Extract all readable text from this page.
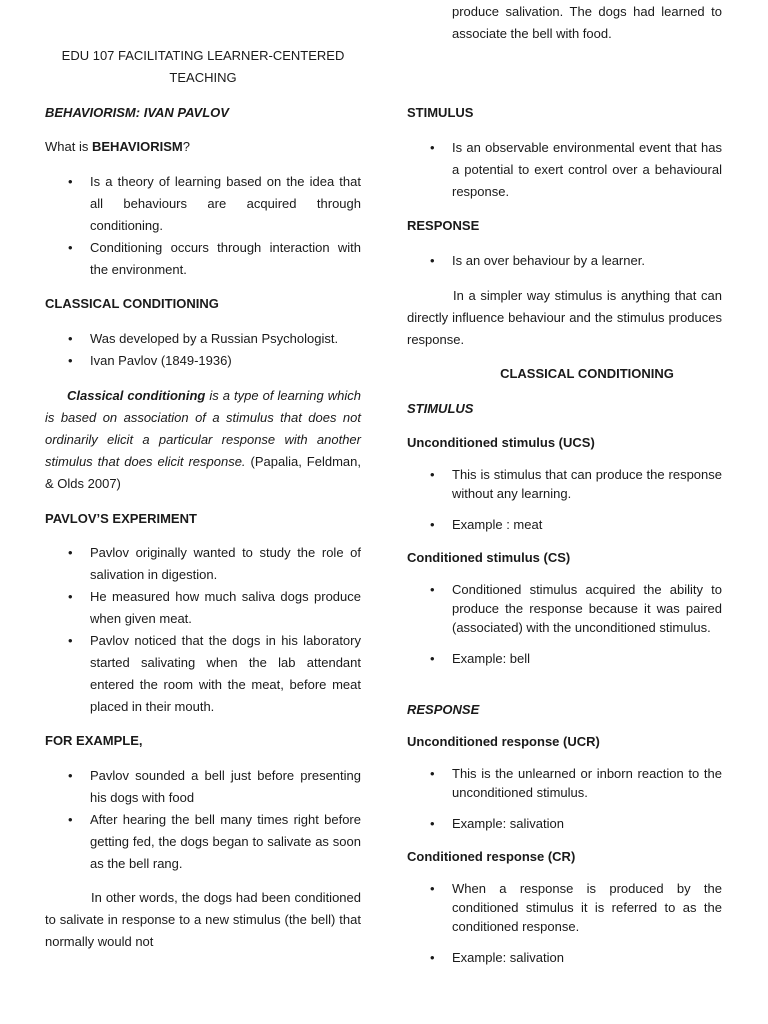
EDU 107 FACILITATING LEARNER-CENTERED
TEACHING
BEHAVIORISM: IVAN PAVLOV
What is BEHAVIORISM?
• Is a theory of learning based on the idea that all behaviours are acquired through conditioning.
• Conditioning occurs through interaction with the environment.
CLASSICAL CONDITIONING
• Was developed by a Russian Psychologist.
• Ivan Pavlov (1849-1936)
Classical conditioning is a type of learning which is based on association of a stimulus that does not ordinarily elicit a particular response with another stimulus that does elicit response. (Papalia, Feldman, & Olds 2007)
PAVLOV’S EXPERIMENT
• Pavlov originally wanted to study the role of salivation in digestion.
• He measured how much saliva dogs produce when given meat.
• Pavlov noticed that the dogs in his laboratory started salivating when the lab attendant entered the room with the meat, before meat placed in their mouth.
FOR EXAMPLE,
• Pavlov sounded a bell just before presenting his dogs with food
• After hearing the bell many times right before getting fed, the dogs began to salivate as soon as the bell rang.
In other words, the dogs had been conditioned to salivate in response to a new stimulus (the bell) that normally would not
produce salivation. The dogs had learned to associate the bell with food.
STIMULUS
• Is an observable environmental event that has a potential to exert control over a behavioural response.
RESPONSE
• Is an over behaviour by a learner.
In a simpler way stimulus is anything that can directly influence behaviour and the stimulus produces response.
CLASSICAL CONDITIONING
STIMULUS
Unconditioned stimulus (UCS)
• This is stimulus that can produce the response without any learning.
• Example : meat
Conditioned stimulus (CS)
• Conditioned stimulus acquired the ability to produce the response because it was paired (associated) with the unconditioned stimulus.
• Example: bell
RESPONSE
Unconditioned response (UCR)
• This is the unlearned or inborn reaction to the unconditioned stimulus.
• Example: salivation
Conditioned response (CR)
• When a response is produced by the conditioned stimulus it is referred to as the conditioned response.
• Example: salivation
